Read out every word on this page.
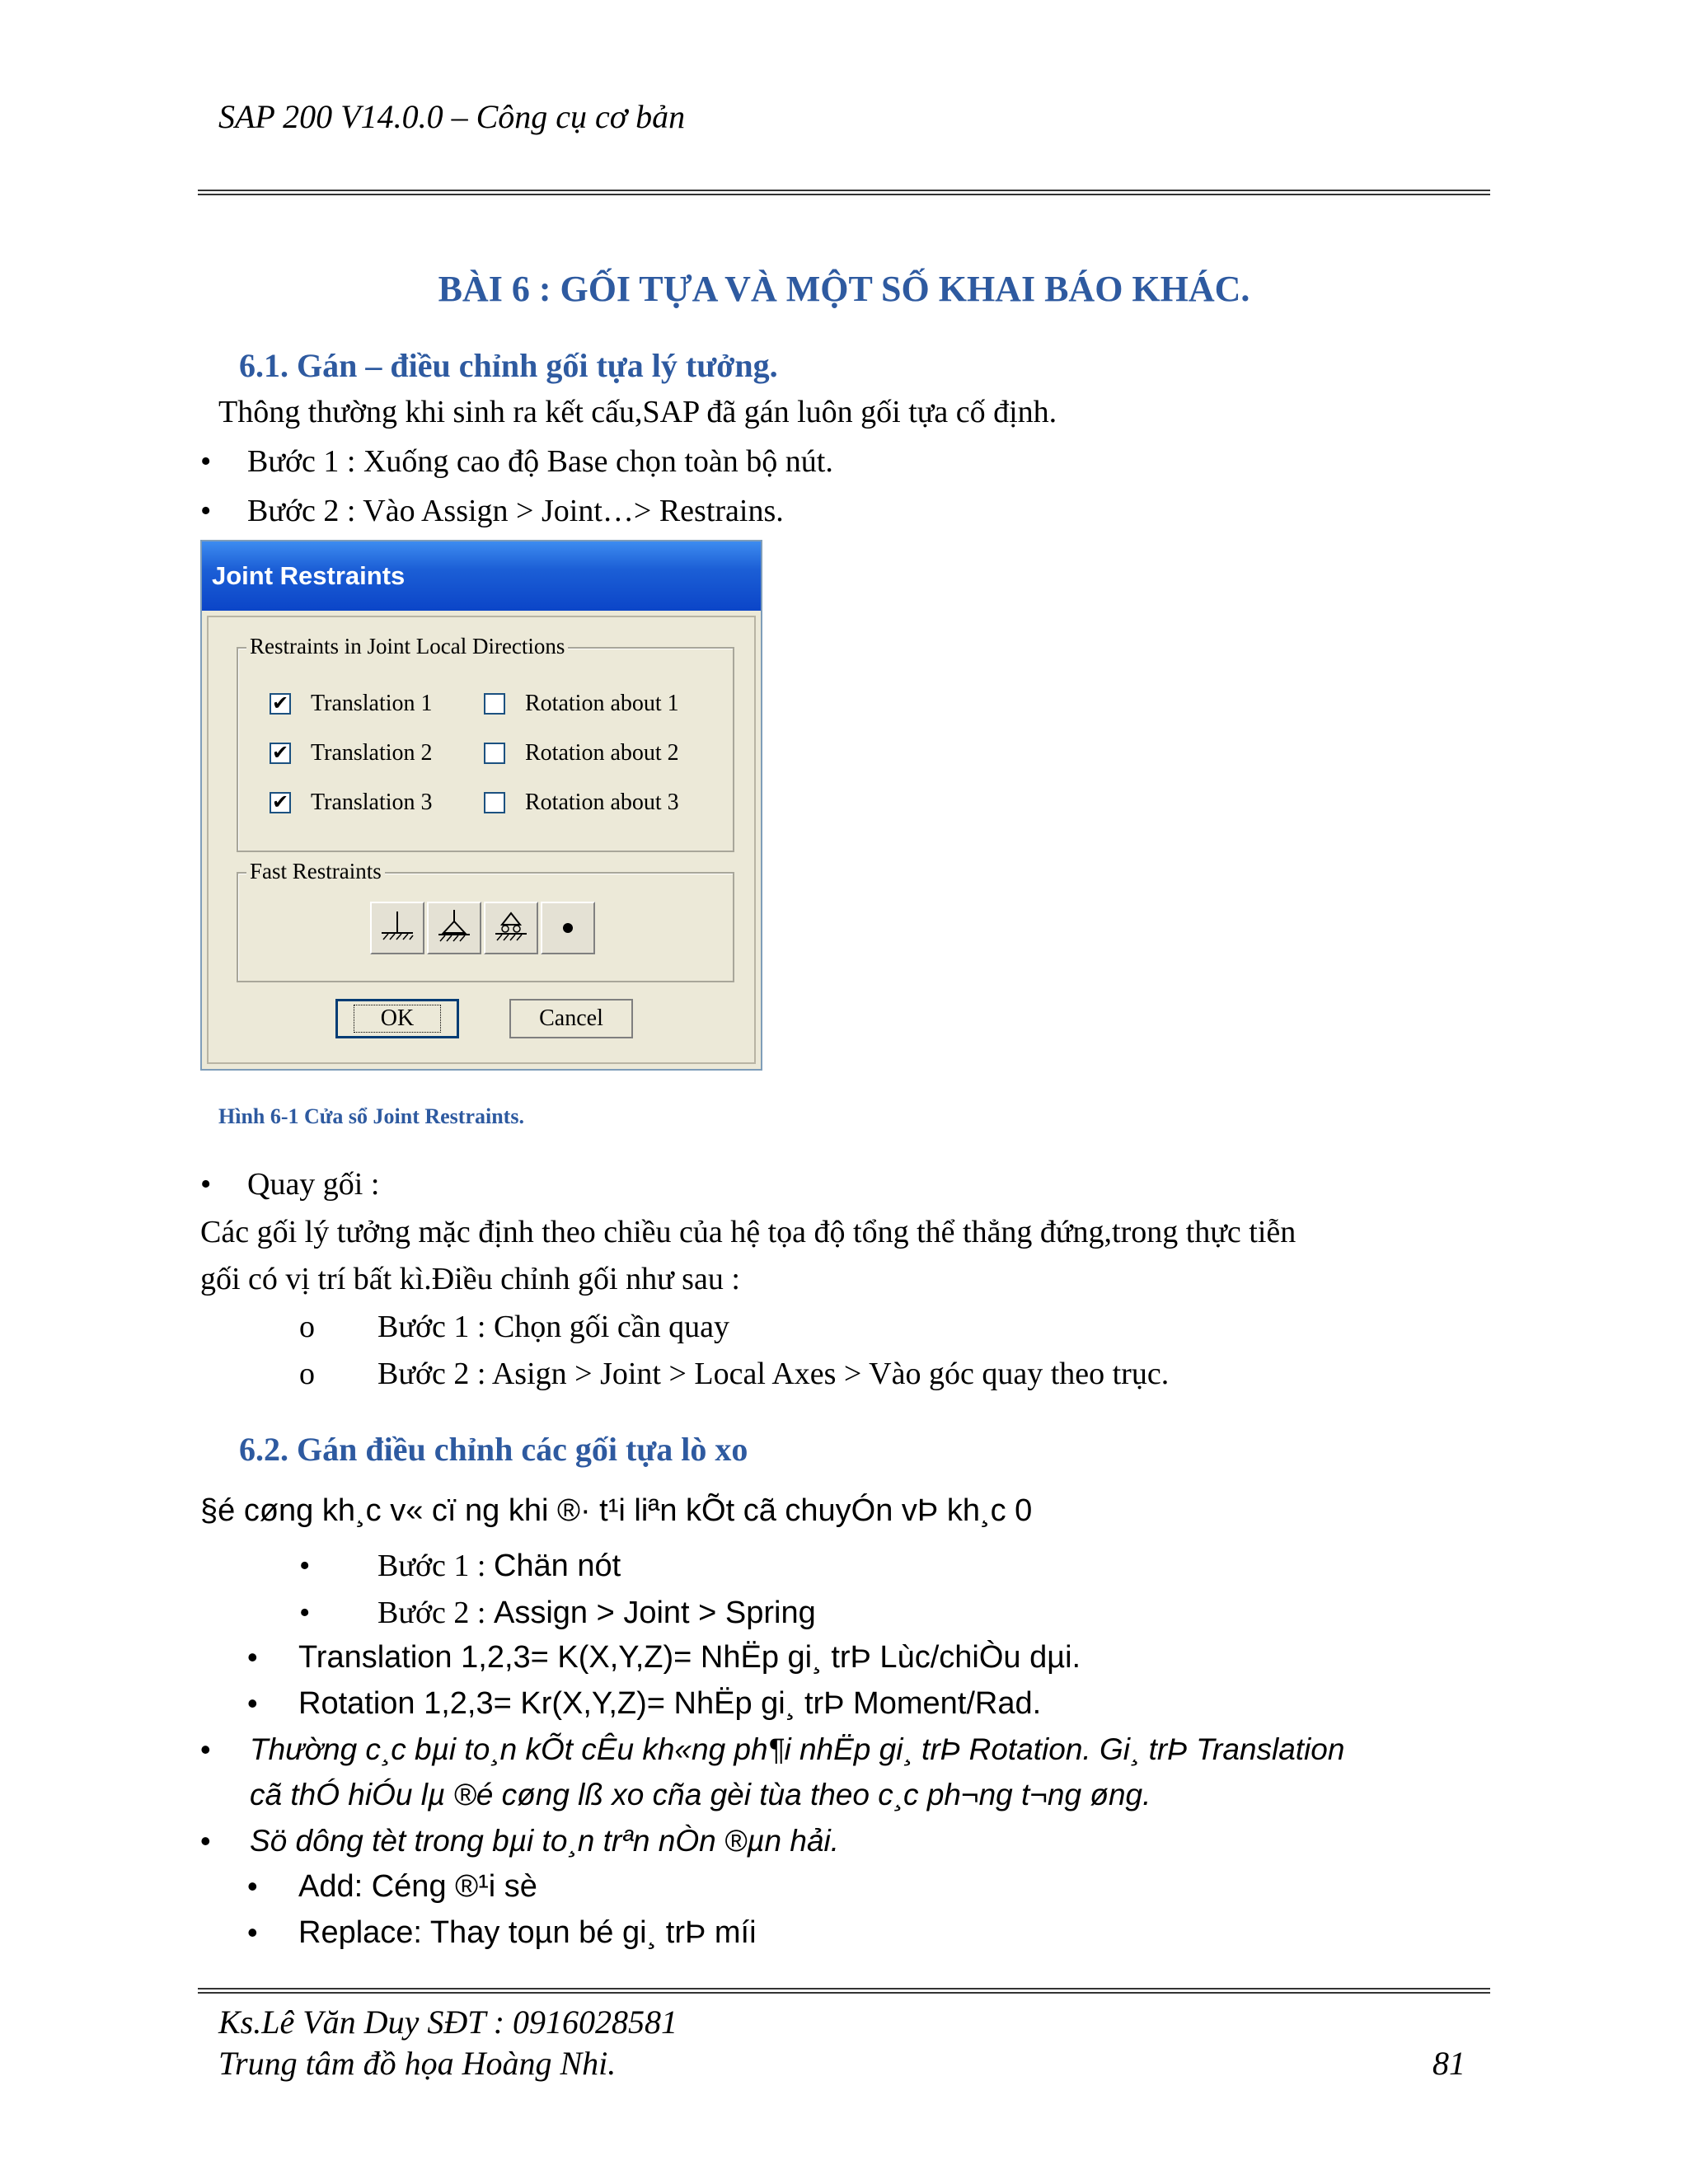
SAP 200 V14.0.0 – Công cụ cơ bản
BÀI 6 : GỐI TỰA VÀ MỘT SỐ KHAI BÁO KHÁC.
6.1. Gán – điều chỉnh gối tựa lý tưởng.
Thông thường khi sinh ra kết cấu,SAP đã gán luôn gối tựa cố định.
• Bước 1 : Xuống cao độ Base chọn toàn bộ nút.
• Bước 2 : Vào Assign > Joint…> Restrains.
Joint Restraints
Restraints in Joint Local Directions
✔ Translation 1
✔ Translation 2
✔ Translation 3
Rotation about 1
Rotation about 2
Rotation about 3
Fast Restraints
OK	Cancel
Hình 6-1 Cửa sổ Joint Restraints.
• Quay gối :
Các gối lý tưởng mặc định theo chiều của hệ tọa độ tổng thể thẳng đứng,trong thực tiễn
gối có vị trí bất kì.Điều chỉnh gối như sau :
o Bước 1 : Chọn gối cần quay
o Bước 2 : Asign > Joint > Local Axes > Vào góc quay theo trục.
6.2. Gán điều chỉnh các gối tựa lò xo
§é cøng kh¸c v« cï ng khi ®· t¹i liªn kÕt cã chuyÓn vÞ kh¸c 0
• Bước 1 : Chän nót
• Bước 2 : Assign > Joint > Spring
• Translation 1,2,3= K(X,Y,Z)= NhËp gi¸ trÞ Lùc/chiÒu dµi.
• Rotation 1,2,3= Kr(X,Y,Z)= NhËp gi¸ trÞ Moment/Rad.
• Thường c¸c bµi to¸n kÕt cÊu kh«ng ph¶i nhËp gi¸ trÞ Rotation. Gi¸ trÞ Translation
cã thÓ hiÓu lµ ®é cøng lß xo cña gèi tùa theo c¸c ph¬ng t¬ng øng.
• Sö dông tèt trong bµi to¸n trªn nÒn ®µn hải.
• Add: Céng ®¹i sè
• Replace: Thay toµn bé gi¸ trÞ míi
Ks.Lê Văn Duy SĐT : 0916028581
Trung tâm đồ họa Hoàng Nhi.	81
